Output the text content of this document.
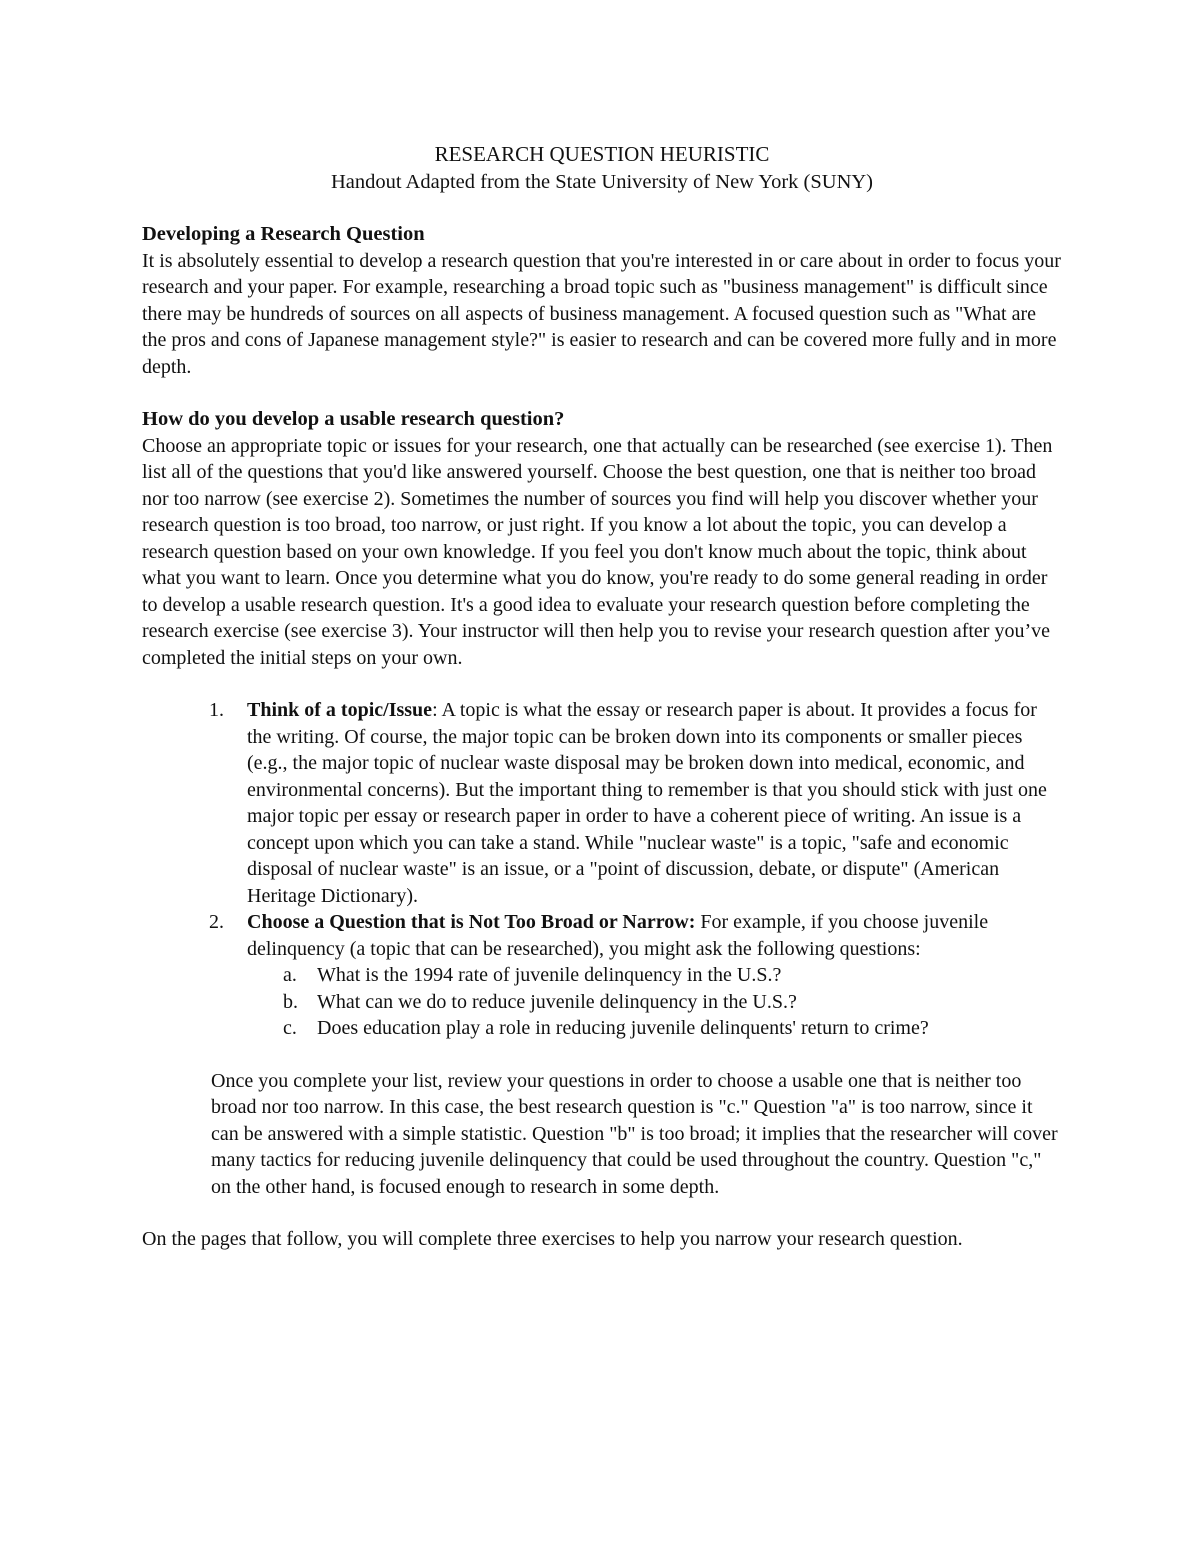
RESEARCH QUESTION HEURISTIC
Handout Adapted from the State University of New York (SUNY)
Developing a Research Question

It is absolutely essential to develop a research question that you're interested in or care about in order to focus your research and your paper. For example, researching a broad topic such as "business management" is difficult since there may be hundreds of sources on all aspects of business management. A focused question such as "What are the pros and cons of Japanese management style?" is easier to research and can be covered more fully and in more depth.

How do you develop a usable research question?

Choose an appropriate topic or issues for your research, one that actually can be researched (see exercise 1). Then list all of the questions that you'd like answered yourself. Choose the best question, one that is neither too broad nor too narrow (see exercise 2). Sometimes the number of sources you find will help you discover whether your research question is too broad, too narrow, or just right. If you know a lot about the topic, you can develop a research question based on your own knowledge. If you feel you don't know much about the topic, think about what you want to learn. Once you determine what you do know, you're ready to do some general reading in order to develop a usable research question. It's a good idea to evaluate your research question before completing the research exercise (see exercise 3). Your instructor will then help you to revise your research question after you’ve completed the initial steps on your own.

1. Think of a topic/Issue: A topic is what the essay or research paper is about. It provides a focus for the writing. Of course, the major topic can be broken down into its components or smaller pieces (e.g., the major topic of nuclear waste disposal may be broken down into medical, economic, and environmental concerns). But the important thing to remember is that you should stick with just one major topic per essay or research paper in order to have a coherent piece of writing. An issue is a concept upon which you can take a stand. While "nuclear waste" is a topic, "safe and economic disposal of nuclear waste" is an issue, or a "point of discussion, debate, or dispute" (American Heritage Dictionary).
2. Choose a Question that is Not Too Broad or Narrow: For example, if you choose juvenile delinquency (a topic that can be researched), you might ask the following questions:
a. What is the 1994 rate of juvenile delinquency in the U.S.?
b. What can we do to reduce juvenile delinquency in the U.S.?
c. Does education play a role in reducing juvenile delinquents' return to crime?

Once you complete your list, review your questions in order to choose a usable one that is neither too broad nor too narrow. In this case, the best research question is "c." Question "a" is too narrow, since it can be answered with a simple statistic. Question "b" is too broad; it implies that the researcher will cover many tactics for reducing juvenile delinquency that could be used throughout the country. Question "c," on the other hand, is focused enough to research in some depth.

On the pages that follow, you will complete three exercises to help you narrow your research question.
